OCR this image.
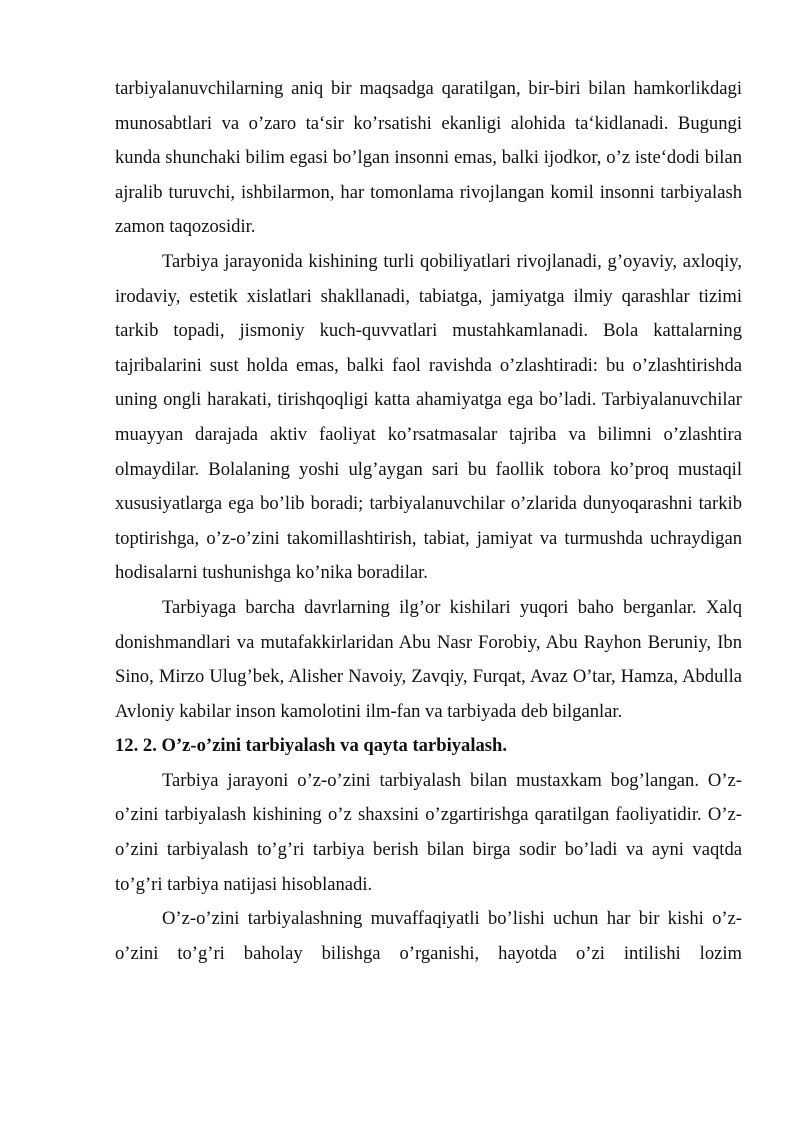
tarbiyalanuvchilarning aniq bir maqsadga qaratilgan, bir-biri bilan hamkorlikdagi munosabtlari va o’zaro ta‘sir ko’rsatishi ekanligi alohida ta‘kidlanadi. Bugungi kunda shunchaki bilim egasi bo’lgan insonni emas, balki ijodkor, o’z iste‘dodi bilan ajralib turuvchi, ishbilarmon, har tomonlama rivojlangan komil insonni tarbiyalash zamon taqozosidir.

Tarbiya jarayonida kishining turli qobiliyatlari rivojlanadi, g’oyaviy, axloqiy, irodaviy, estetik xislatlari shakllanadi, tabiatga, jamiyatga ilmiy qarashlar tizimi tarkib topadi, jismoniy kuch-quvvatlari mustahkamlanadi. Bola kattalarning tajribalarini sust holda emas, balki faol ravishda o’zlashtiradi: bu o’zlashtirishda uning ongli harakati, tirishqoqligi katta ahamiyatga ega bo’ladi. Tarbiyalanuvchilar muayyan darajada aktiv faoliyat ko’rsatmasalar tajriba va bilimni o’zlashtira olmaydilar. Bolalaning yoshi ulg’aygan sari bu faollik tobora ko’proq mustaqil xususiyatlarga ega bo’lib boradi; tarbiyalanuvchilar o’zlarida dunyoqarashni tarkib toptirishga, o’z-o’zini takomillashtirish, tabiat, jamiyat va turmushda uchraydigan hodisalarni tushunishga ko’nika boradilar.

Tarbiyaga barcha davrlarning ilg’or kishilari yuqori baho berganlar. Xalq donishmandlari va mutafakkirlaridan Abu Nasr Forobiy, Abu Rayhon Beruniy, Ibn Sino, Mirzo Ulug’bek, Alisher Navoiy, Zavqiy, Furqat, Avaz O’tar, Hamza, Abdulla Avloniy kabilar inson kamolotini ilm-fan va tarbiyada deb bilganlar.

12. 2. O’z-o’zini tarbiyalash va qayta tarbiyalash.

Tarbiya jarayoni o’z-o’zini tarbiyalash bilan mustaxkam bog’langan. O’z-o’zini tarbiyalash kishining o’z shaxsini o’zgartirishga qaratilgan faoliyatidir. O’z-o’zini tarbiyalash to’g’ri tarbiya berish bilan birga sodir bo’ladi va ayni vaqtda to’g’ri tarbiya natijasi hisoblanadi.

O’z-o’zini tarbiyalashning muvaffaqiyatli bo’lishi uchun har bir kishi o’z-o’zini to’g’ri baholay bilishga o’rganishi, hayotda o’zi intilishi lozim
